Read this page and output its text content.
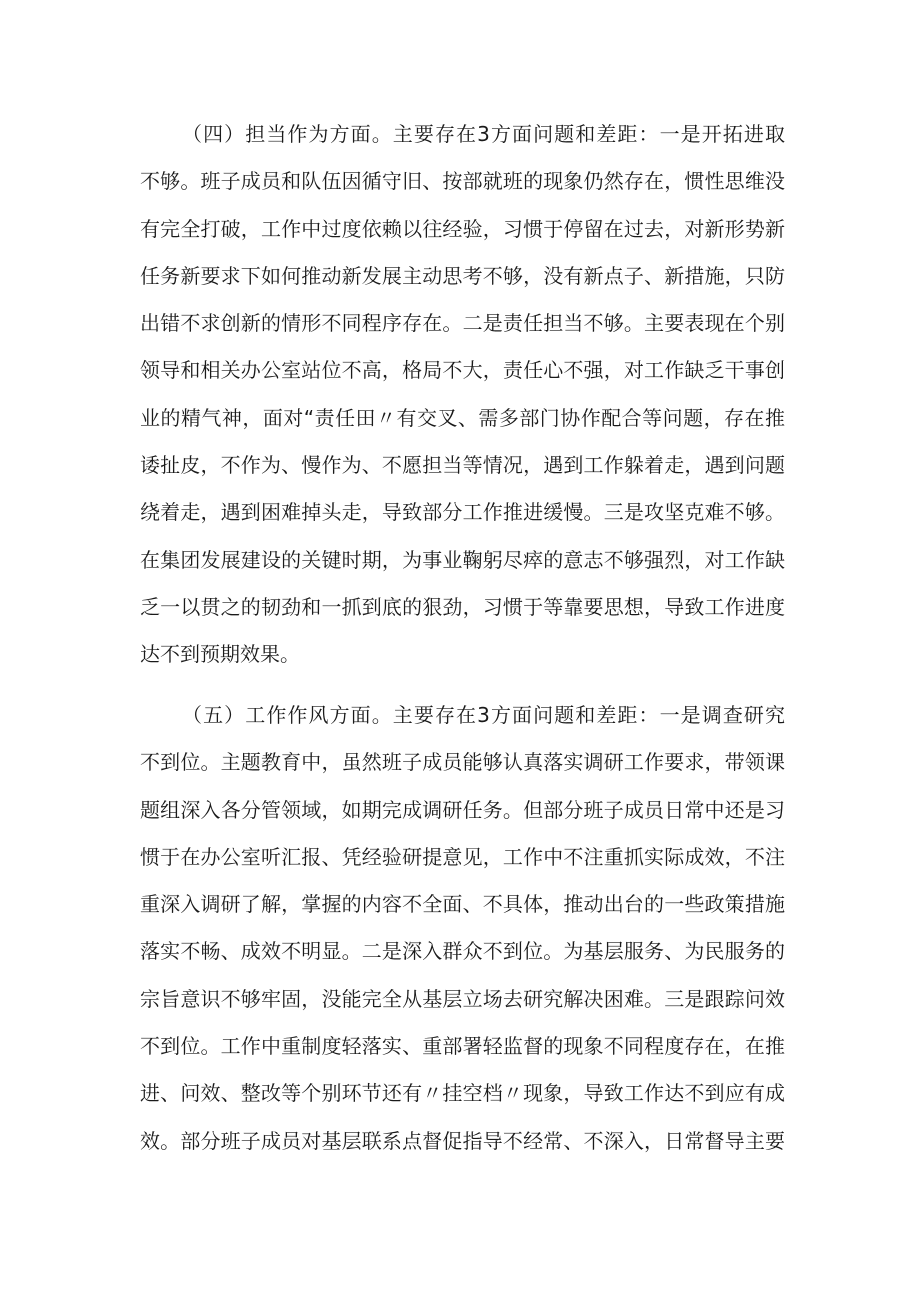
（四）担当作为方面。主要存在3方面问题和差距：一是开拓进取
不够。班子成员和队伍因循守旧、按部就班的现象仍然存在，惯性思维没
有完全打破，工作中过度依赖以往经验，习惯于停留在过去，对新形势新
任务新要求下如何推动新发展主动思考不够，没有新点子、新措施，只防
出错不求创新的情形不同程序存在。二是责任担当不够。主要表现在个别
领导和相关办公室站位不高，格局不大，责任心不强，对工作缺乏干事创
业的精气神，面对“责任田〃有交叉、需多部门协作配合等问题，存在推
诿扯皮，不作为、慢作为、不愿担当等情况，遇到工作躲着走，遇到问题
绕着走，遇到困难掉头走，导致部分工作推进缓慢。三是攻坚克难不够。
在集团发展建设的关键时期，为事业鞠躬尽瘁的意志不够强烈，对工作缺
乏一以贯之的韧劲和一抓到底的狠劲，习惯于等靠要思想，导致工作进度
达不到预期效果。
（五）工作作风方面。主要存在3方面问题和差距：一是调查研究
不到位。主题教育中，虽然班子成员能够认真落实调研工作要求，带领课
题组深入各分管领域，如期完成调研任务。但部分班子成员日常中还是习
惯于在办公室听汇报、凭经验研提意见，工作中不注重抓实际成效，不注
重深入调研了解，掌握的内容不全面、不具体，推动出台的一些政策措施
落实不畅、成效不明显。二是深入群众不到位。为基层服务、为民服务的
宗旨意识不够牢固，没能完全从基层立场去研究解决困难。三是跟踪问效
不到位。工作中重制度轻落实、重部署轻监督的现象不同程度存在，在推
进、问效、整改等个别环节还有〃挂空档〃现象，导致工作达不到应有成
效。部分班子成员对基层联系点督促指导不经常、不深入，日常督导主要
